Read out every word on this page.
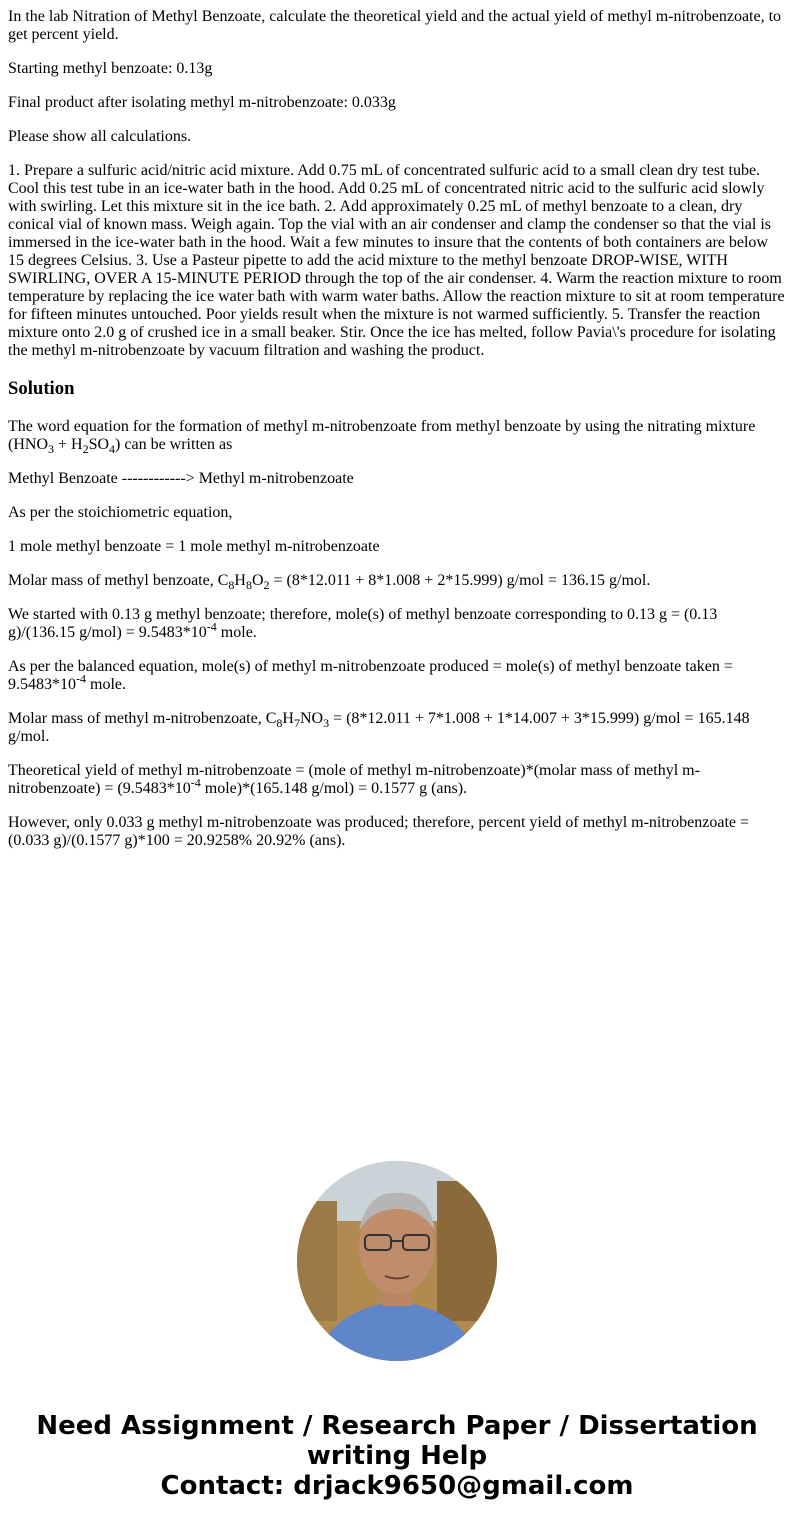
In the lab Nitration of Methyl Benzoate, calculate the theoretical yield and the actual yield of methyl m-nitrobenzoate, to get percent yield.

Starting methyl benzoate: 0.13g

Final product after isolating methyl m-nitrobenzoate: 0.033g

Please show all calculations.

1. Prepare a sulfuric acid/nitric acid mixture. Add 0.75 mL of concentrated sulfuric acid to a small clean dry test tube. Cool this test tube in an ice-water bath in the hood. Add 0.25 mL of concentrated nitric acid to the sulfuric acid slowly with swirling. Let this mixture sit in the ice bath. 2. Add approximately 0.25 mL of methyl benzoate to a clean, dry conical vial of known mass. Weigh again. Top the vial with an air condenser and clamp the condenser so that the vial is immersed in the ice-water bath in the hood. Wait a few minutes to insure that the contents of both containers are below 15 degrees Celsius. 3. Use a Pasteur pipette to add the acid mixture to the methyl benzoate DROP-WISE, WITH SWIRLING, OVER A 15-MINUTE PERIOD through the top of the air condenser. 4. Warm the reaction mixture to room temperature by replacing the ice water bath with warm water baths. Allow the reaction mixture to sit at room temperature for fifteen minutes untouched. Poor yields result when the mixture is not warmed sufficiently. 5. Transfer the reaction mixture onto 2.0 g of crushed ice in a small beaker. Stir. Once the ice has melted, follow Pavia\'s procedure for isolating the methyl m-nitrobenzoate by vacuum filtration and washing the product.

Solution

The word equation for the formation of methyl m-nitrobenzoate from methyl benzoate by using the nitrating mixture $(HNO_3 + H_2SO_4)$ can be written as

Methyl Benzoate ------------> Methyl m-nitrobenzoate

As per the stoichiometric equation,

1 mole methyl benzoate = 1 mole methyl m-nitrobenzoate

Molar mass of methyl benzoate, $C_8H_8O_2 = (8*12.011 + 8*1.008 + 2*15.999) g/mol = 136.15$ g/mol.

We started with 0.13 g methyl benzoate; therefore, mole(s) of methyl benzoate corresponding to 0.13 g = (0.13 g)/(136.15 $g/mol) = 9.5483*10^{-4}$ mole.

As per the balanced equation, mole(s) of methyl m-nitrobenzoate produced = mole(s) of methyl benzoate taken = $9.5483*10^{-4}$ mole.

Molar mass of methyl m-nitrobenzoate, $C_8H_7NO_3 = (8*12.011 + 7*1.008 + 1*14.007 + 3*15.999) g/mol = 165.148$ g/mol.

Theoretical yield of methyl m-nitrobenzoate = (mole of methyl m-nitrobenzoate)*(molar mass of methyl m-nitrobenzoate) = ($9.5483*10^{-4}$ mole)*(165.148 g/mol) = 0.1577 g (ans).

However, only 0.033 g methyl m-nitrobenzoate was produced; therefore, percent yield of methyl m-nitrobenzoate = (0.033 g)/(0.1577 g)*100 = 20.9258% 20.92% (ans).

Need Assignment / Research Paper / Dissertation
writing Help
Contact: drjack9650@gmail.com
